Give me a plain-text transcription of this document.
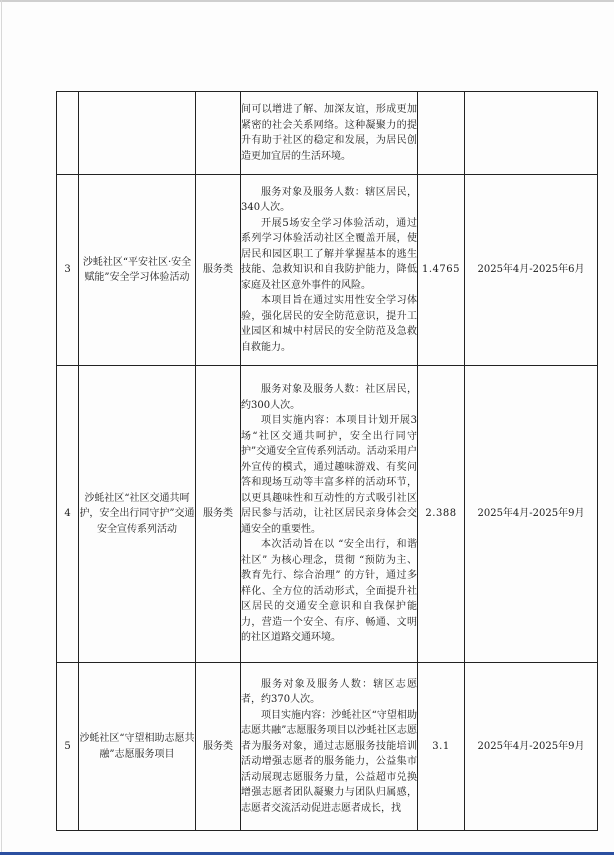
			间可以增进了解、加深友谊，形成更加紧密的社会关系网络。这种凝聚力的提升有助于社区的稳定和发展，为居民创造更加宜居的生活环境。		

3	沙蚝社区“平安社区·安全赋能”安全学习体验活动	服务类	服务对象及服务人数：辖区居民，340人次。

开展5场安全学习体验活动，通过系列学习体验活动社区全覆盖开展，使居民和园区职工了解并掌握基本的逃生技能、急救知识和自我防护能力，降低家庭及社区意外事件的风险。

本项目旨在通过实用性安全学习体验，强化居民的安全防范意识，提升工业园区和城中村居民的安全防范及急救自救能力。	1.4765	2025年4月-2025年6月
4	沙蚝社区“社区交通共呵护，安全出行同守护”交通安全宣传系列活动	服务类	服务对象及服务人数：社区居民，约300人次。

项目实施内容：本项目计划开展3场“社区交通共呵护，安全出行同守护”交通安全宣传系列活动。活动采用户外宣传的模式，通过趣味游戏、有奖问答和现场互动等丰富多样的活动环节，以更具趣味性和互动性的方式吸引社区居民参与活动，让社区居民亲身体会交通安全的重要性。

本次活动旨在以 “安全出行，和谐社区” 为核心理念，贯彻 “预防为主、教育先行、综合治理” 的方针，通过多样化、全方位的活动形式，全面提升社区居民的交通安全意识和自我保护能力，营造一个安全、有序、畅通、文明的社区道路交通环境。	2.388	2025年4月-2025年9月
5	沙蚝社区“守望相助志愿共融”志愿服务项目	服务类	服务对象及服务人数：辖区志愿者，约370人次。

项目实施内容：沙蚝社区“守望相助 志愿共融”志愿服务项目以沙蚝社区志愿者为服务对象，通过志愿服务技能培训活动增强志愿者的服务能力，公益集市活动展现志愿服务力量，公益超市兑换增强志愿者团队凝聚力与团队归属感，志愿者交流活动促进志愿者成长，找	3.1	2025年4月-2025年9月
